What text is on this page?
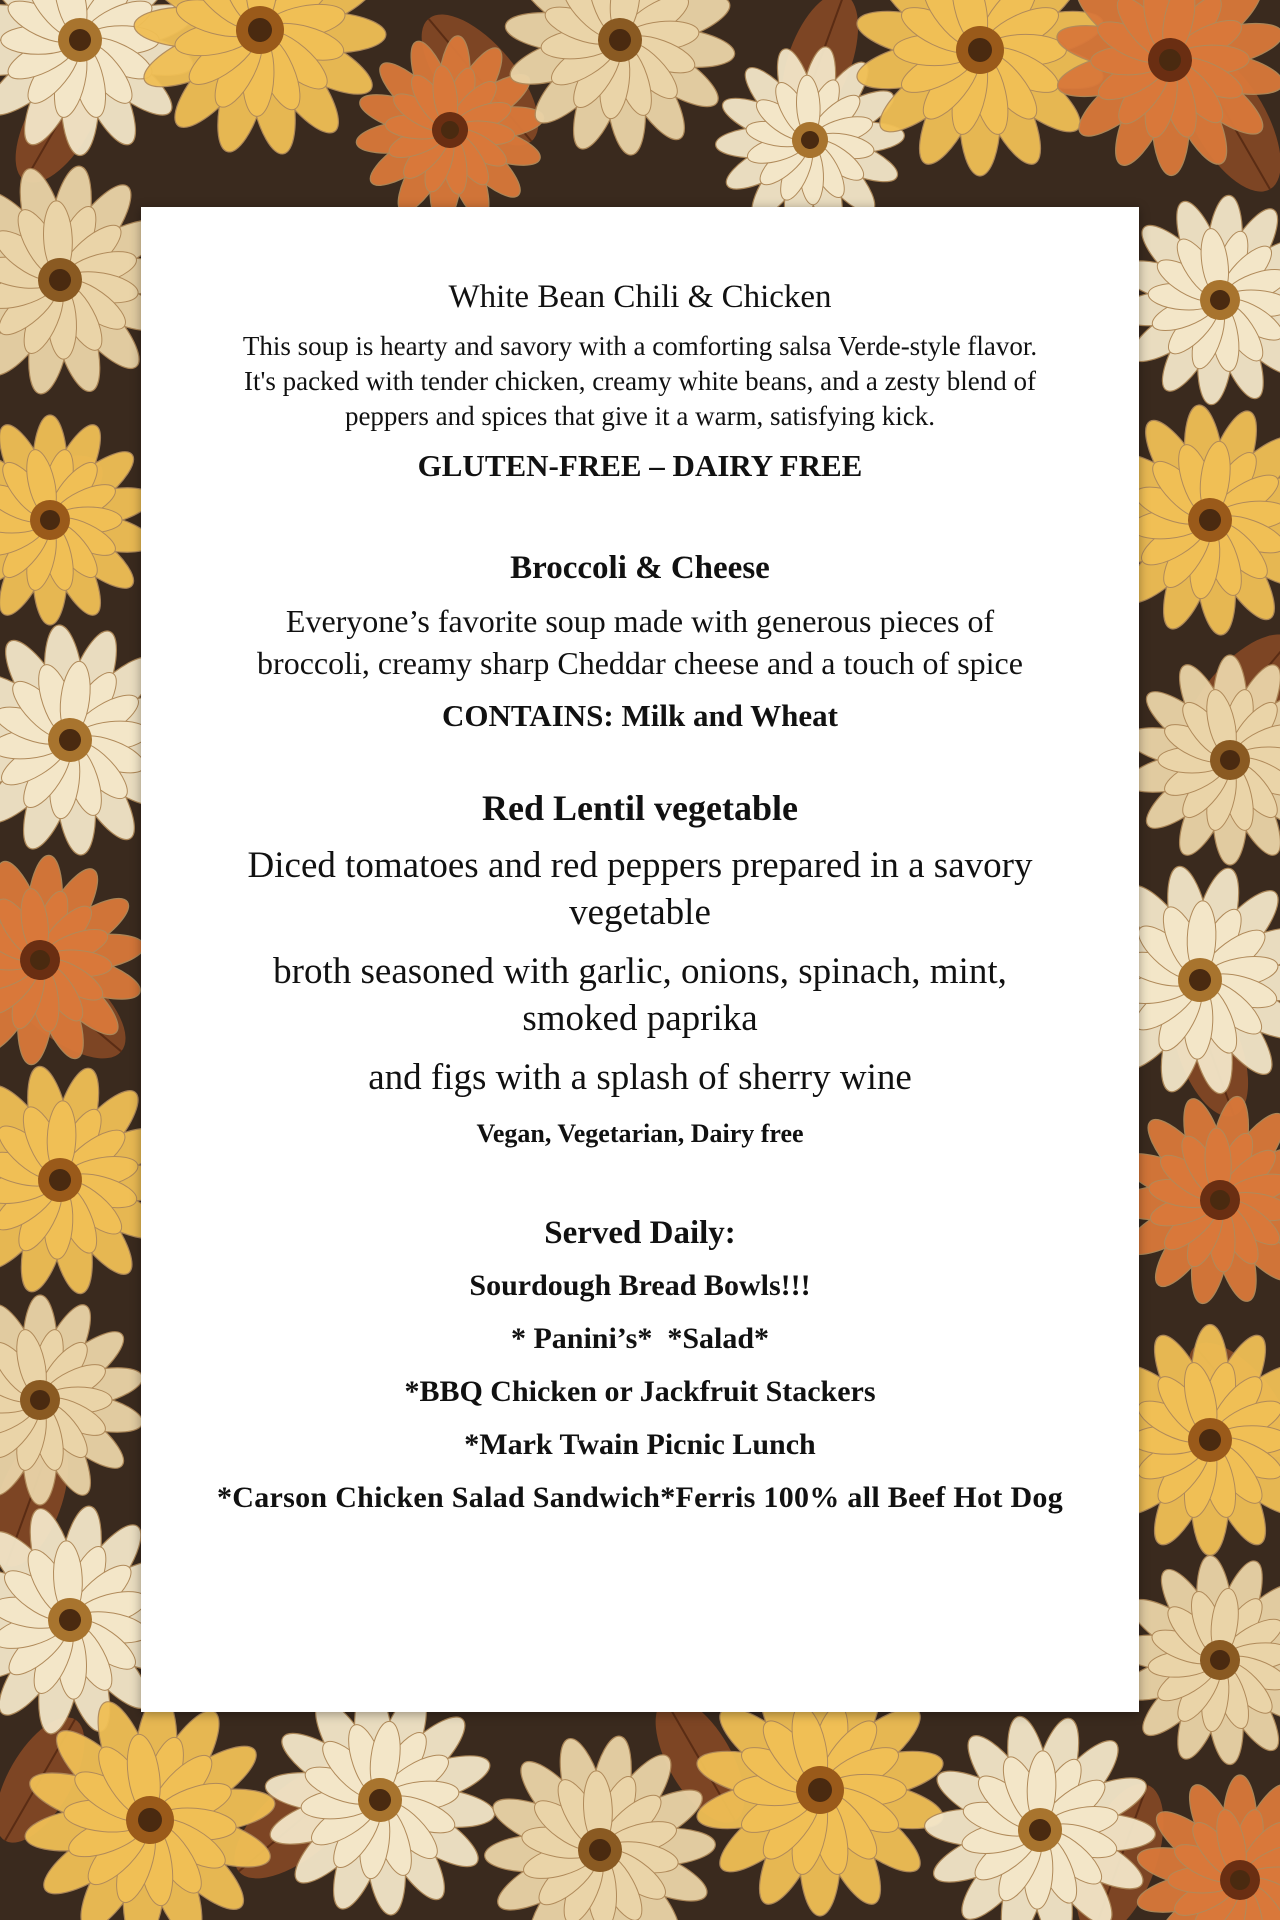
White Bean Chili & Chicken

This soup is hearty and savory with a comforting salsa Verde-style flavor.
It's packed with tender chicken, creamy white beans, and a zesty blend of
peppers and spices that give it a warm, satisfying kick.

GLUTEN-FREE – DAIRY FREE

Broccoli & Cheese

Everyone’s favorite soup made with generous pieces of
broccoli, creamy sharp Cheddar cheese and a touch of spice

CONTAINS: Milk and Wheat

Red Lentil vegetable

Diced tomatoes and red peppers prepared in a savory vegetable

broth seasoned with garlic, onions, spinach, mint, smoked paprika

and figs with a splash of sherry wine

Vegan, Vegetarian, Dairy free

Served Daily:

Sourdough Bread Bowls!!!

* Panini’s*  *Salad*

*BBQ Chicken or Jackfruit Stackers

*Mark Twain Picnic Lunch

*Carson Chicken Salad Sandwich*Ferris 100% all Beef Hot Dog
